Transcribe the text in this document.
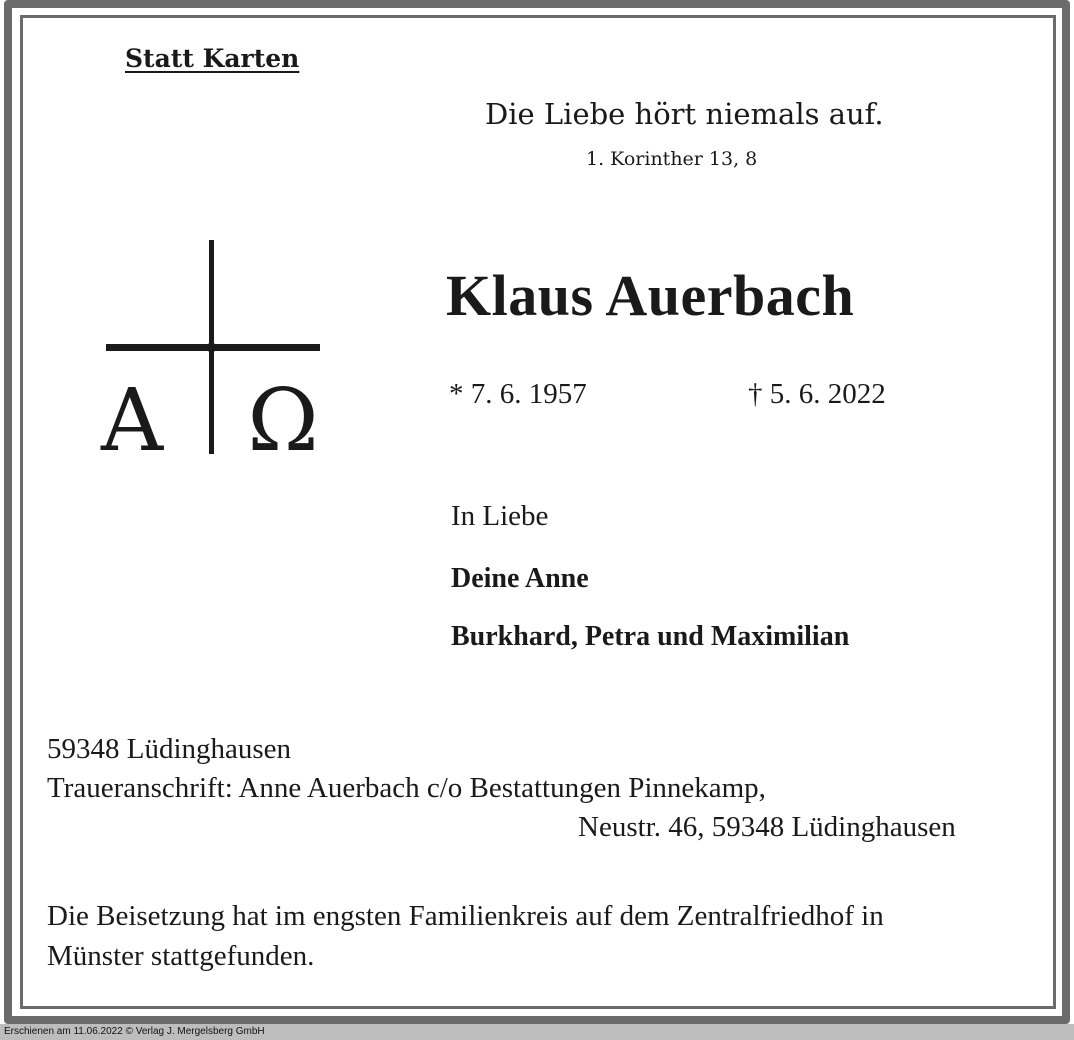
Statt Karten
Die Liebe hört niemals auf.
1. Korinther 13, 8
A Ω
Klaus Auerbach
* 7. 6. 1957	† 5. 6. 2022
In Liebe
Deine Anne
Burkhard, Petra und Maximilian
59348 Lüdinghausen
Traueranschrift: Anne Auerbach c/o Bestattungen Pinnekamp,
Neustr. 46, 59348 Lüdinghausen
Die Beisetzung hat im engsten Familienkreis auf dem Zentralfriedhof in
Münster stattgefunden.
Erschienen am 11.06.2022 © Verlag J. Mergelsberg GmbH
